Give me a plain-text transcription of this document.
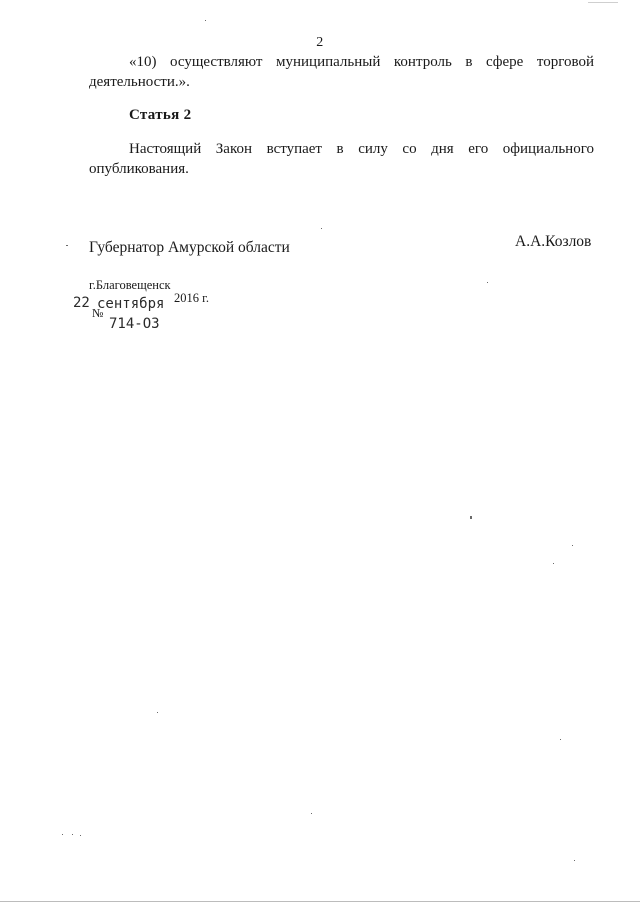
2
«10) осуществляют муниципальный контроль в сфере торговой деятельности.».
Статья 2
Настоящий Закон вступает в силу со дня его официального опубликования.
Губернатор Амурской области	А.А.Козлов
г.Благовещенск
22 сентября 2016 г.
№
714-ОЗ
